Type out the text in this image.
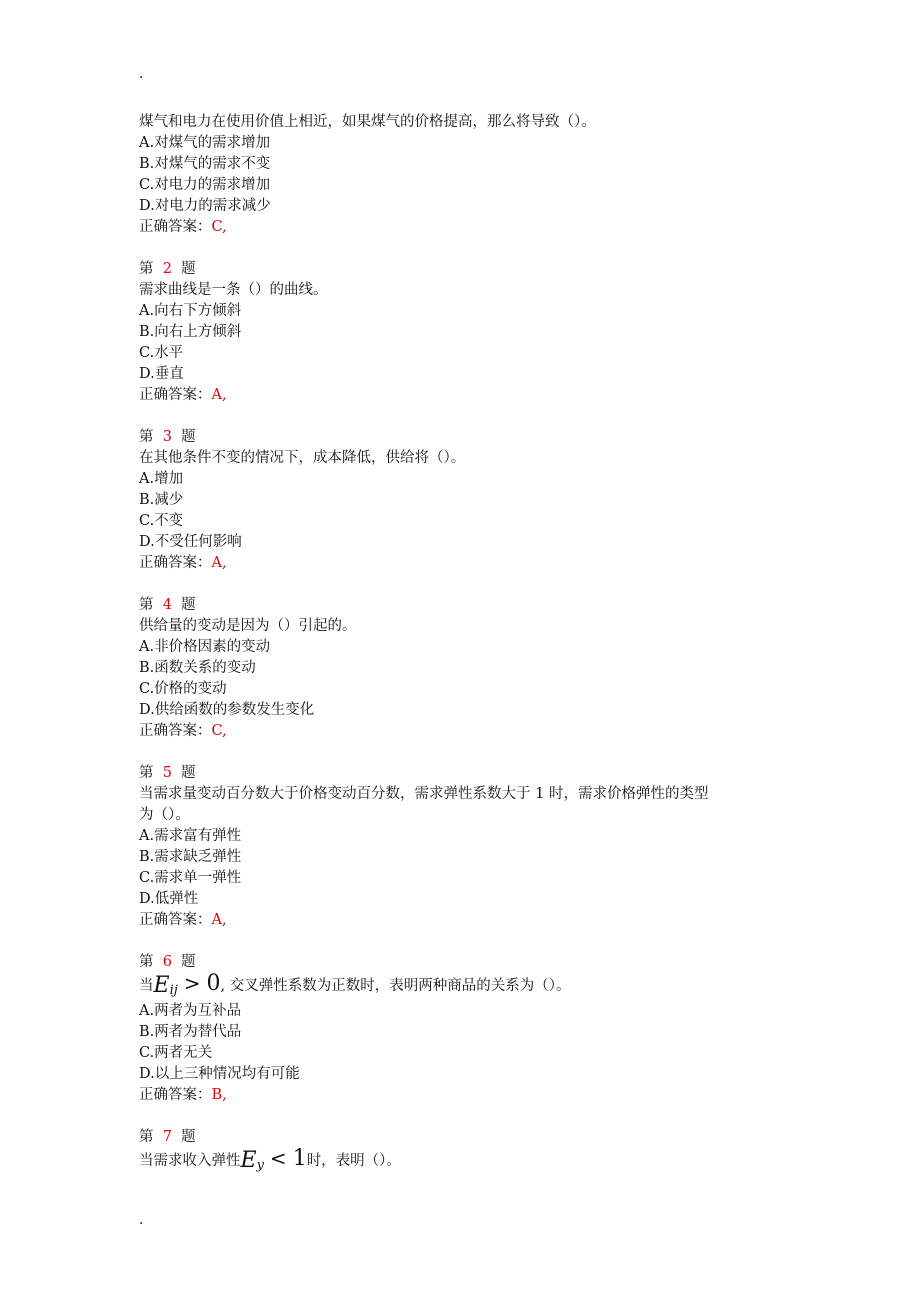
.
煤气和电力在使用价值上相近，如果煤气的价格提高，那么将导致（）。
A.对煤气的需求增加
B.对煤气的需求不变
C.对电力的需求增加
D.对电力的需求减少
正确答案：C,
第 2 题
需求曲线是一条（）的曲线。
A.向右下方倾斜
B.向右上方倾斜
C.水平
D.垂直
正确答案：A,
第 3 题
在其他条件不变的情况下，成本降低，供给将（）。
A.增加
B.减少
C.不变
D.不受任何影响
正确答案：A,
第 4 题
供给量的变动是因为（）引起的。
A.非价格因素的变动
B.函数关系的变动
C.价格的变动
D.供给函数的参数发生变化
正确答案：C,
第 5 题
当需求量变动百分数大于价格变动百分数，需求弹性系数大于 1 时，需求价格弹性的类型
为（）。
A.需求富有弹性
B.需求缺乏弹性
C.需求单一弹性
D.低弹性
正确答案：A,
第 6 题
当Eij > 0, 交叉弹性系数为正数时，表明两种商品的关系为（）。
A.两者为互补品
B.两者为替代品
C.两者无关
D.以上三种情况均有可能
正确答案：B,
第 7 题
当需求收入弹性Ey < 1时，表明（）。
.
